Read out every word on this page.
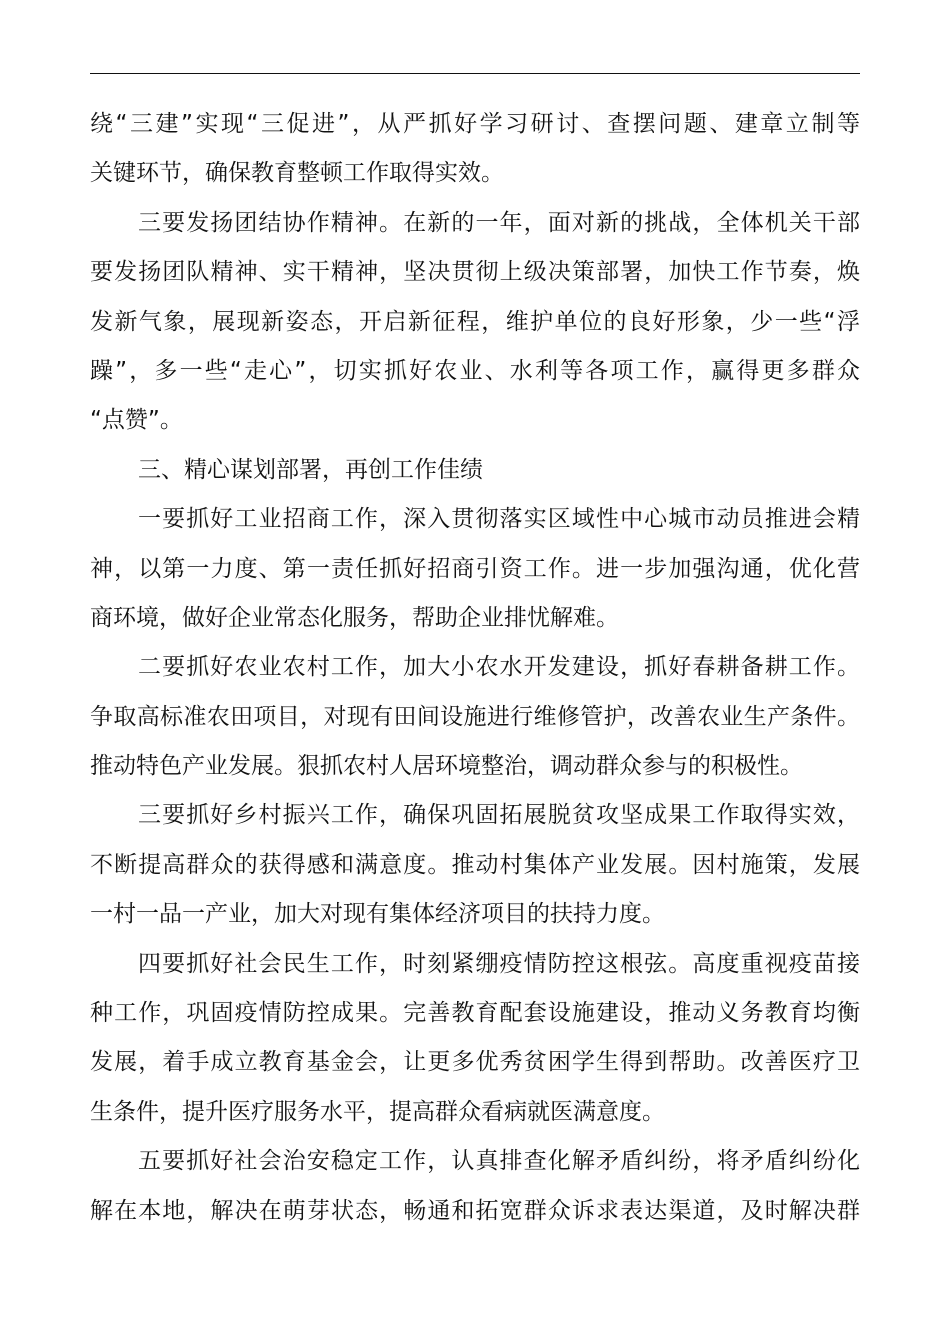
绕“三建”实现“三促进”，从严抓好学习研讨、查摆问题、建章立制等
关键环节，确保教育整顿工作取得实效。
三要发扬团结协作精神。在新的一年，面对新的挑战，全体机关干部
要发扬团队精神、实干精神，坚决贯彻上级决策部署，加快工作节奏，焕
发新气象，展现新姿态，开启新征程，维护单位的良好形象，少一些“浮
躁”，多一些“走心”，切实抓好农业、水利等各项工作，赢得更多群众
“点赞”。
三、精心谋划部署，再创工作佳绩
一要抓好工业招商工作，深入贯彻落实区域性中心城市动员推进会精
神，以第一力度、第一责任抓好招商引资工作。进一步加强沟通，优化营
商环境，做好企业常态化服务，帮助企业排忧解难。
二要抓好农业农村工作，加大小农水开发建设，抓好春耕备耕工作。
争取高标准农田项目，对现有田间设施进行维修管护，改善农业生产条件。
推动特色产业发展。狠抓农村人居环境整治，调动群众参与的积极性。
三要抓好乡村振兴工作，确保巩固拓展脱贫攻坚成果工作取得实效，
不断提高群众的获得感和满意度。推动村集体产业发展。因村施策，发展
一村一品一产业，加大对现有集体经济项目的扶持力度。
四要抓好社会民生工作，时刻紧绷疫情防控这根弦。高度重视疫苗接
种工作，巩固疫情防控成果。完善教育配套设施建设，推动义务教育均衡
发展，着手成立教育基金会，让更多优秀贫困学生得到帮助。改善医疗卫
生条件，提升医疗服务水平，提高群众看病就医满意度。
五要抓好社会治安稳定工作，认真排查化解矛盾纠纷，将矛盾纠纷化
解在本地，解决在萌芽状态，畅通和拓宽群众诉求表达渠道，及时解决群
